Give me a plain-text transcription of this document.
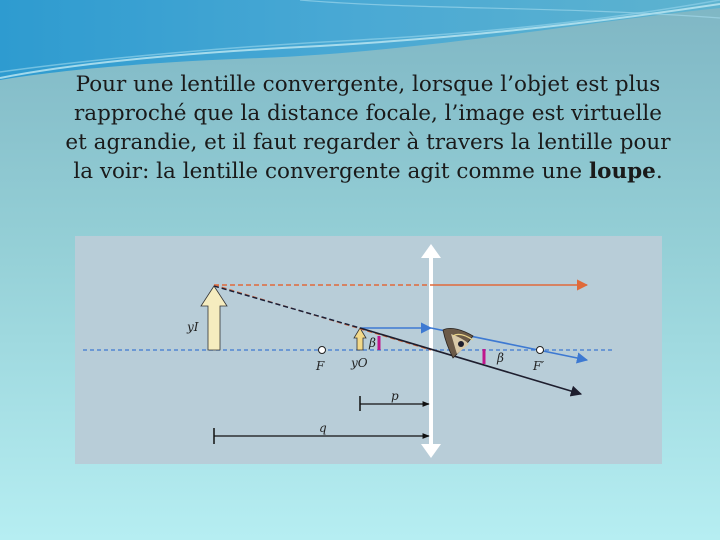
Pour une lentille convergente, lorsque l’objet est plus
rapproché que la distance focale, l’image est virtuelle
et agrandie, et il faut regarder à travers la lentille pour
la voir: la lentille convergente agit comme une loupe.
yI
yO
F	F′
β
β
p
q
